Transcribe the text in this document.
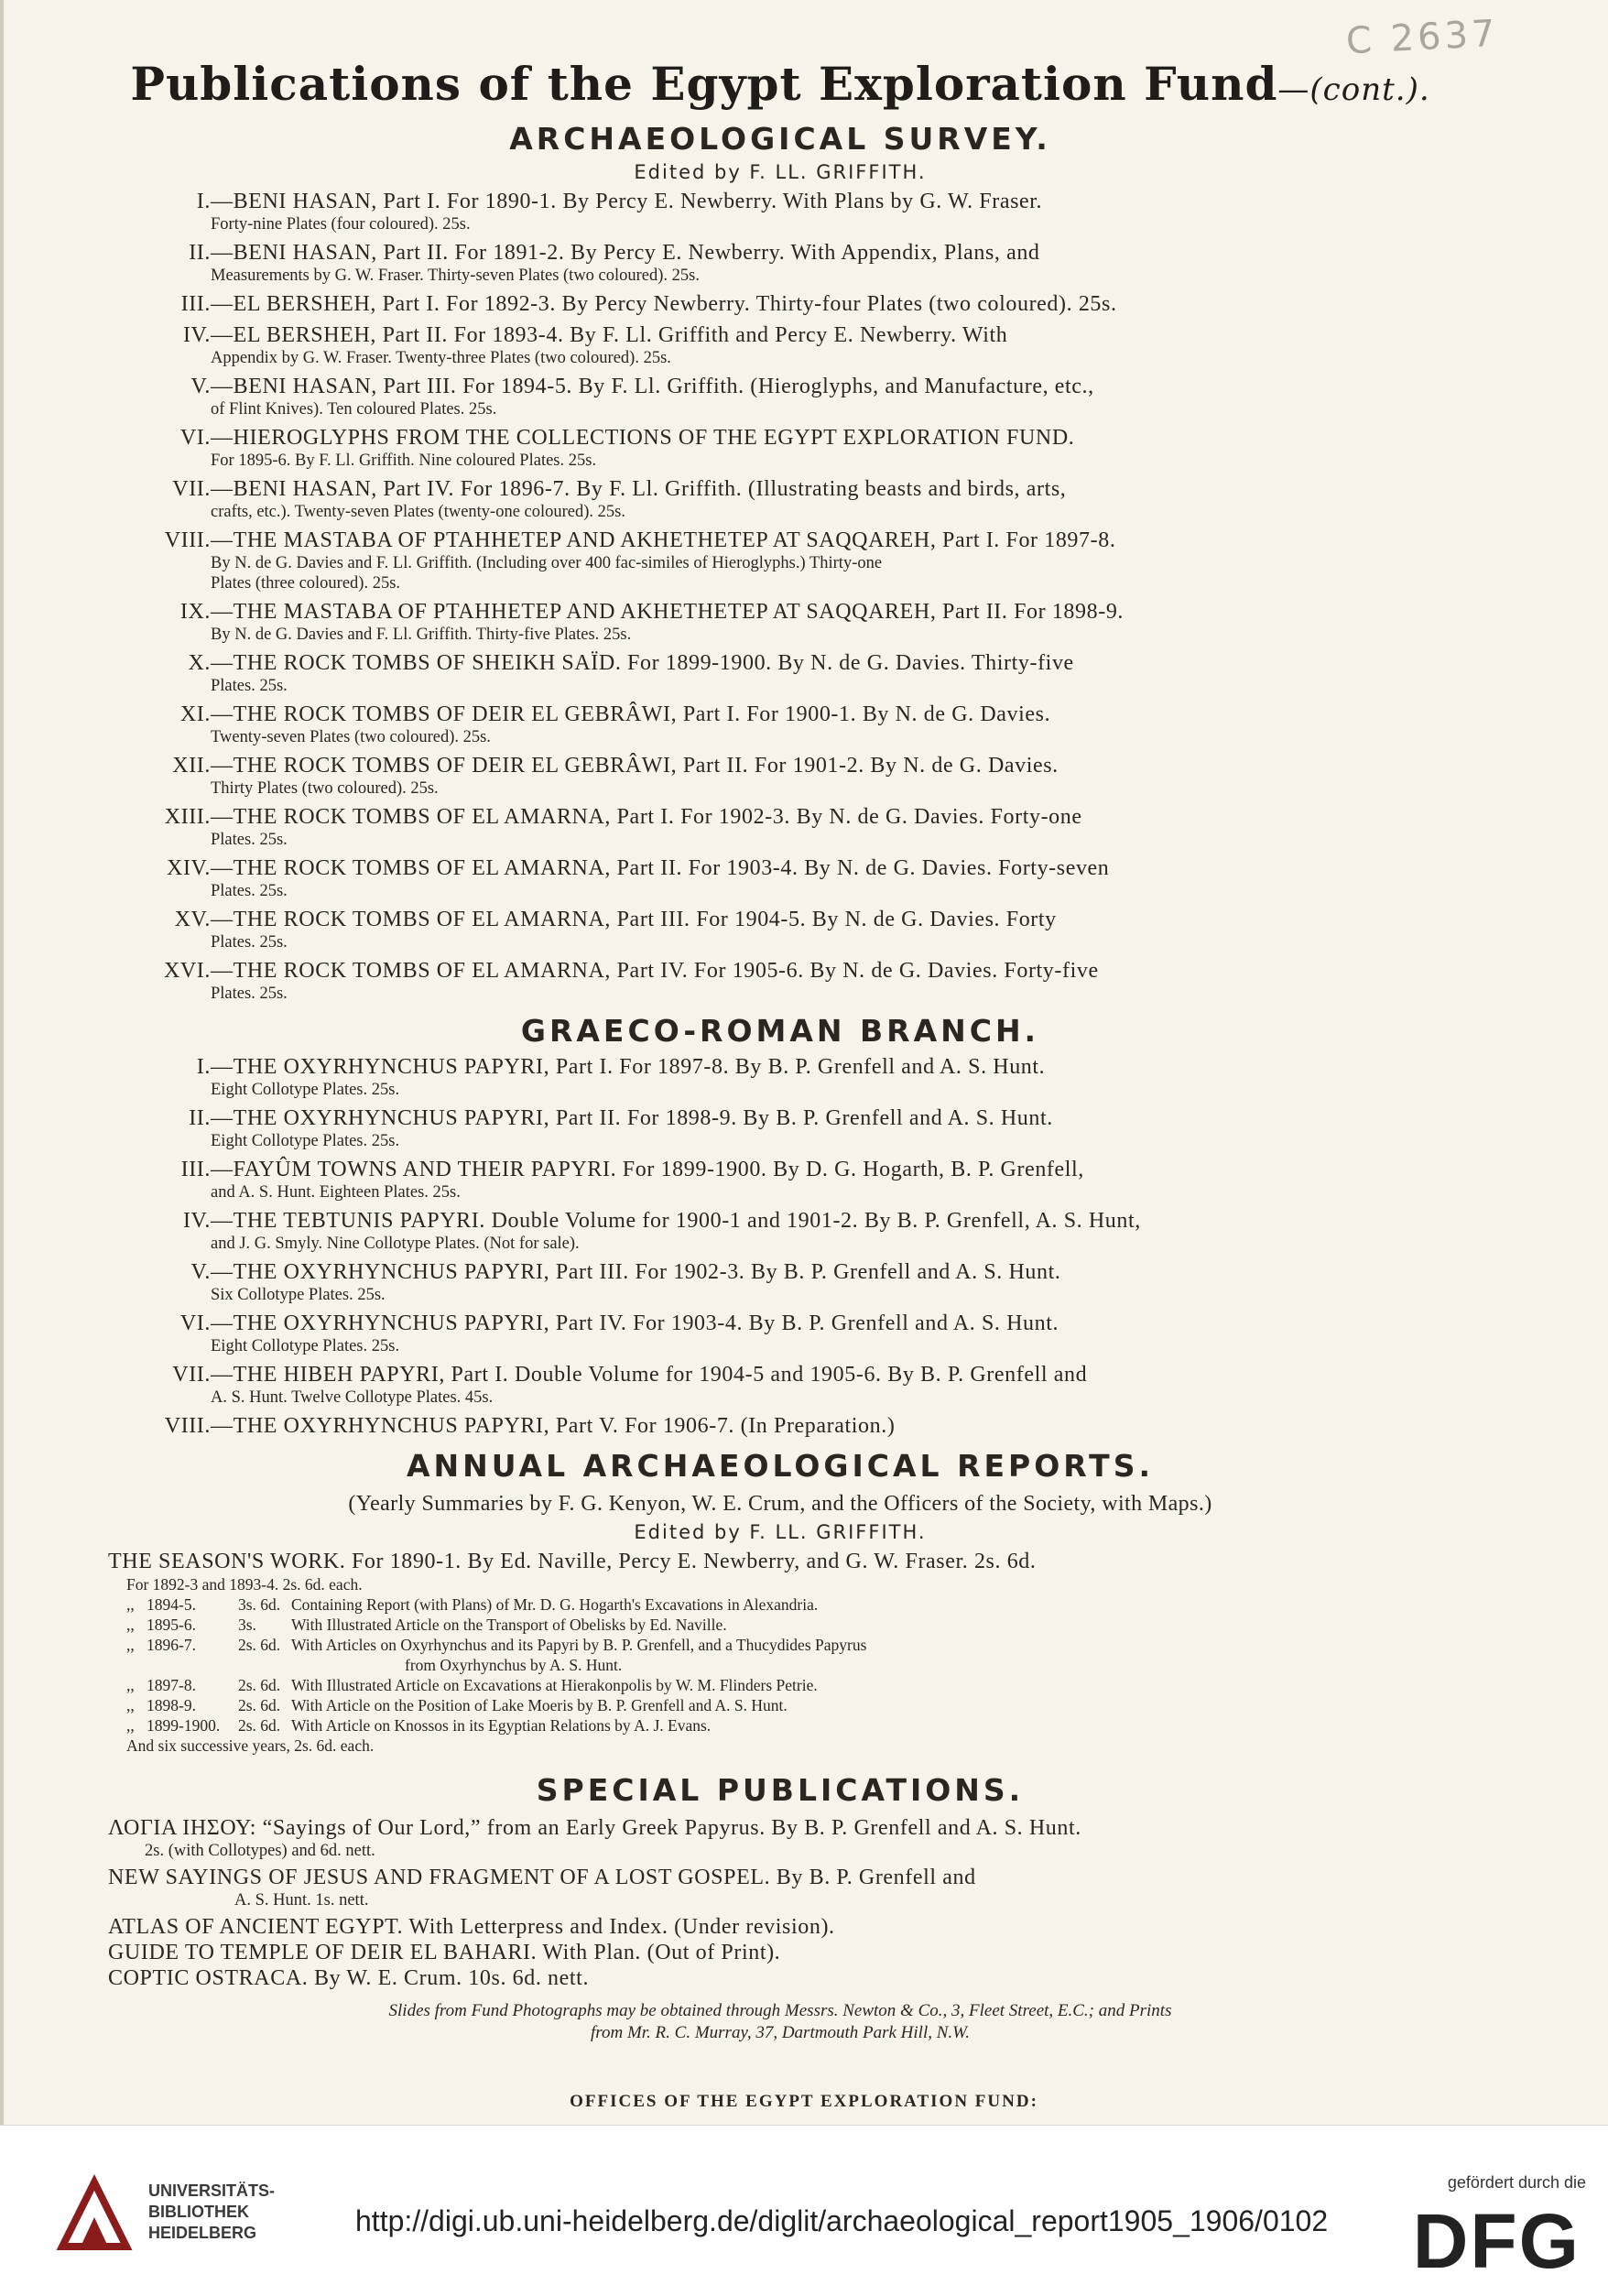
C 2637
Publications of the Egypt Exploration Fund—(cont.).
ARCHAEOLOGICAL SURVEY.
Edited by F. LL. GRIFFITH.
I.—BENI HASAN, Part I. For 1890-1. By Percy E. Newberry. With Plans by G. W. Fraser.
Forty-nine Plates (four coloured). 25s.
II.—BENI HASAN, Part II. For 1891-2. By Percy E. Newberry. With Appendix, Plans, and
Measurements by G. W. Fraser. Thirty-seven Plates (two coloured). 25s.
III.—EL BERSHEH, Part I. For 1892-3. By Percy Newberry. Thirty-four Plates (two coloured). 25s.
IV.—EL BERSHEH, Part II. For 1893-4. By F. Ll. Griffith and Percy E. Newberry. With
Appendix by G. W. Fraser. Twenty-three Plates (two coloured). 25s.
V.—BENI HASAN, Part III. For 1894-5. By F. Ll. Griffith. (Hieroglyphs, and Manufacture, etc.,
of Flint Knives). Ten coloured Plates. 25s.
VI.—HIEROGLYPHS FROM THE COLLECTIONS OF THE EGYPT EXPLORATION FUND.
For 1895-6. By F. Ll. Griffith. Nine coloured Plates. 25s.
VII.—BENI HASAN, Part IV. For 1896-7. By F. Ll. Griffith. (Illustrating beasts and birds, arts,
crafts, etc.). Twenty-seven Plates (twenty-one coloured). 25s.
VIII.—THE MASTABA OF PTAHHETEP AND AKHETHETEP AT SAQQAREH, Part I. For 1897-8.
By N. de G. Davies and F. Ll. Griffith. (Including over 400 fac-similes of Hieroglyphs.) Thirty-one
Plates (three coloured). 25s.
IX.—THE MASTABA OF PTAHHETEP AND AKHETHETEP AT SAQQAREH, Part II. For 1898-9.
By N. de G. Davies and F. Ll. Griffith. Thirty-five Plates. 25s.
X.—THE ROCK TOMBS OF SHEIKH SAÏD. For 1899-1900. By N. de G. Davies. Thirty-five
Plates. 25s.
XI.—THE ROCK TOMBS OF DEIR EL GEBRÂWI, Part I. For 1900-1. By N. de G. Davies.
Twenty-seven Plates (two coloured). 25s.
XII.—THE ROCK TOMBS OF DEIR EL GEBRÂWI, Part II. For 1901-2. By N. de G. Davies.
Thirty Plates (two coloured). 25s.
XIII.—THE ROCK TOMBS OF EL AMARNA, Part I. For 1902-3. By N. de G. Davies. Forty-one
Plates. 25s.
XIV.—THE ROCK TOMBS OF EL AMARNA, Part II. For 1903-4. By N. de G. Davies. Forty-seven
Plates. 25s.
XV.—THE ROCK TOMBS OF EL AMARNA, Part III. For 1904-5. By N. de G. Davies. Forty
Plates. 25s.
XVI.—THE ROCK TOMBS OF EL AMARNA, Part IV. For 1905-6. By N. de G. Davies. Forty-five
Plates. 25s.
GRAECO-ROMAN BRANCH.
I.—THE OXYRHYNCHUS PAPYRI, Part I. For 1897-8. By B. P. Grenfell and A. S. Hunt.
Eight Collotype Plates. 25s.
II.—THE OXYRHYNCHUS PAPYRI, Part II. For 1898-9. By B. P. Grenfell and A. S. Hunt.
Eight Collotype Plates. 25s.
III.—FAYÛM TOWNS AND THEIR PAPYRI. For 1899-1900. By D. G. Hogarth, B. P. Grenfell,
and A. S. Hunt. Eighteen Plates. 25s.
IV.—THE TEBTUNIS PAPYRI. Double Volume for 1900-1 and 1901-2. By B. P. Grenfell, A. S. Hunt,
and J. G. Smyly. Nine Collotype Plates. (Not for sale).
V.—THE OXYRHYNCHUS PAPYRI, Part III. For 1902-3. By B. P. Grenfell and A. S. Hunt.
Six Collotype Plates. 25s.
VI.—THE OXYRHYNCHUS PAPYRI, Part IV. For 1903-4. By B. P. Grenfell and A. S. Hunt.
Eight Collotype Plates. 25s.
VII.—THE HIBEH PAPYRI, Part I. Double Volume for 1904-5 and 1905-6. By B. P. Grenfell and
A. S. Hunt. Twelve Collotype Plates. 45s.
VIII.—THE OXYRHYNCHUS PAPYRI, Part V. For 1906-7. (In Preparation.)
ANNUAL ARCHAEOLOGICAL REPORTS.
(Yearly Summaries by F. G. Kenyon, W. E. Crum, and the Officers of the Society, with Maps.)
Edited by F. LL. GRIFFITH.
THE SEASON'S WORK. For 1890-1. By Ed. Naville, Percy E. Newberry, and G. W. Fraser. 2s. 6d.
For 1892-3 and 1893-4. 2s. 6d. each.
,, 1894-5.	3s. 6d. Containing Report (with Plans) of Mr. D. G. Hogarth's Excavations in Alexandria.
,, 1895-6.	3s. With Illustrated Article on the Transport of Obelisks by Ed. Naville.
,, 1896-7.	2s. 6d. With Articles on Oxyrhynchus and its Papyri by B. P. Grenfell, and a Thucydides Papyrus
from Oxyrhynchus by A. S. Hunt.
,, 1897-8.	2s. 6d. With Illustrated Article on Excavations at Hierakonpolis by W. M. Flinders Petrie.
,, 1898-9.	2s. 6d. With Article on the Position of Lake Moeris by B. P. Grenfell and A. S. Hunt.
,, 1899-1900. 2s. 6d. With Article on Knossos in its Egyptian Relations by A. J. Evans.
And six successive years, 2s. 6d. each.
SPECIAL PUBLICATIONS.
ΛΟΓΙΑ ΙΗΣΟΥ: “Sayings of Our Lord,” from an Early Greek Papyrus. By B. P. Grenfell and A. S. Hunt.
2s. (with Collotypes) and 6d. nett.
NEW SAYINGS OF JESUS AND FRAGMENT OF A LOST GOSPEL. By B. P. Grenfell and
A. S. Hunt. 1s. nett.
ATLAS OF ANCIENT EGYPT. With Letterpress and Index. (Under revision).
GUIDE TO TEMPLE OF DEIR EL BAHARI. With Plan. (Out of Print).
COPTIC OSTRACA. By W. E. Crum. 10s. 6d. nett.
Slides from Fund Photographs may be obtained through Messrs. Newton & Co., 3, Fleet Street, E.C.; and Prints
from Mr. R. C. Murray, 37, Dartmouth Park Hill, N.W.
OFFICES OF THE EGYPT EXPLORATION FUND:
UNIVERSITÄTS-
BIBLIOTHEK
HEIDELBERG	http://digi.ub.uni-heidelberg.de/diglit/archaeological_report1905_1906/0102
gefördert durch die
DFG
